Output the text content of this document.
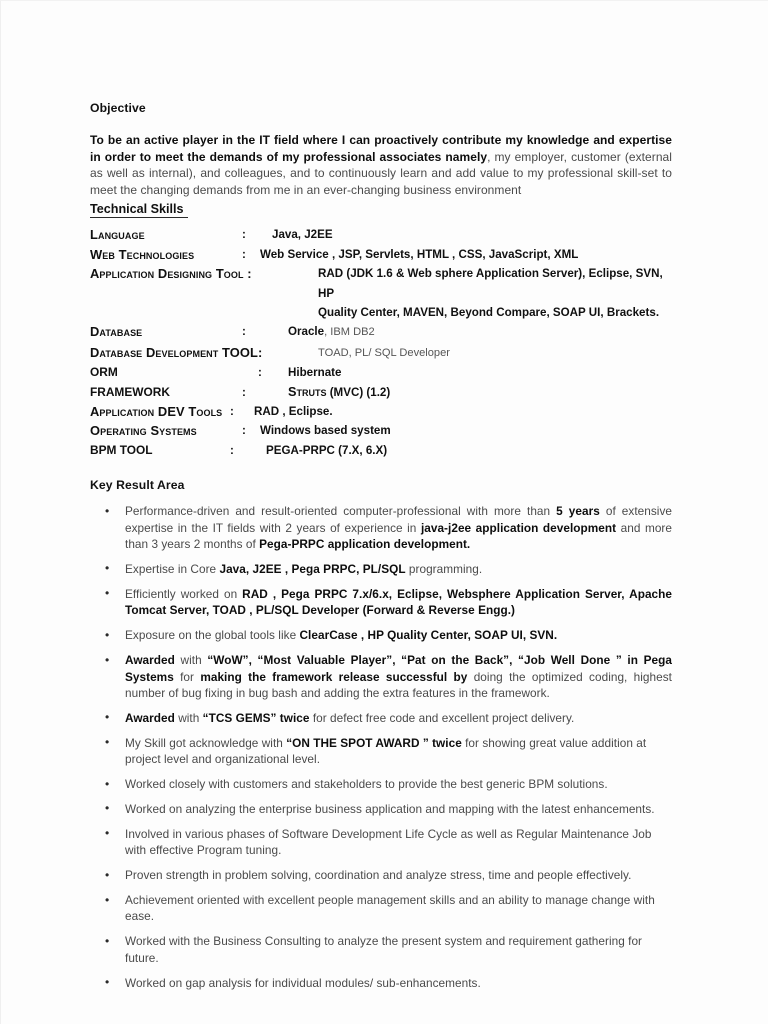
Objective

To be an active player in the IT field where I can proactively contribute my knowledge and expertise in order to meet the demands of my professional associates namely, my employer, customer (external as well as internal), and colleagues, and to continuously learn and add value to my professional skill-set to meet the changing demands from me in an ever-changing business environment

Technical Skills
Language	:	Java, J2EE
Web Technologies	:	Web Service , JSP, Servlets, HTML , CSS, JavaScript, XML
Application Designing Tool :	RAD (JDK 1.6 & Web sphere Application Server), Eclipse, SVN, HP
Quality Center, MAVEN, Beyond Compare, SOAP UI, Brackets.
Database	:	Oracle, IBM DB2
Database Development TOOL:	TOAD, PL/ SQL Developer
ORM	:	Hibernate
FRAMEWORK	:	Struts (MVC) (1.2)
Application DEV Tools :	RAD , Eclipse.
Operating Systems	:	Windows based system
BPM TOOL	:	PEGA-PRPC (7.X, 6.X)
Key Result Area
• Performance-driven and result-oriented computer-professional with more than 5 years of extensive expertise in the IT fields with 2 years of experience in java-j2ee application development and more than 3 years 2 months of Pega-PRPC application development.
• Expertise in Core Java, J2EE , Pega PRPC, PL/SQL programming.
• Efficiently worked on RAD , Pega PRPC 7.x/6.x, Eclipse, Websphere Application Server, Apache Tomcat Server, TOAD , PL/SQL Developer (Forward & Reverse Engg.)
• Exposure on the global tools like ClearCase , HP Quality Center, SOAP UI, SVN.
• Awarded with “WoW”, “Most Valuable Player”, “Pat on the Back”, “Job Well Done ” in Pega Systems for making the framework release successful by doing the optimized coding, highest number of bug fixing in bug bash and adding the extra features in the framework.
• Awarded with “TCS GEMS” twice for defect free code and excellent project delivery.
• My Skill got acknowledge with “ON THE SPOT AWARD ” twice for showing great value addition at project level and organizational level.
• Worked closely with customers and stakeholders to provide the best generic BPM solutions.
• Worked on analyzing the enterprise business application and mapping with the latest enhancements.
• Involved in various phases of Software Development Life Cycle as well as Regular Maintenance Job with effective Program tuning.
• Proven strength in problem solving, coordination and analyze stress, time and people effectively.
• Achievement oriented with excellent people management skills and an ability to manage change with ease.
• Worked with the Business Consulting to analyze the present system and requirement gathering for future.
• Worked on gap analysis for individual modules/ sub-enhancements.
